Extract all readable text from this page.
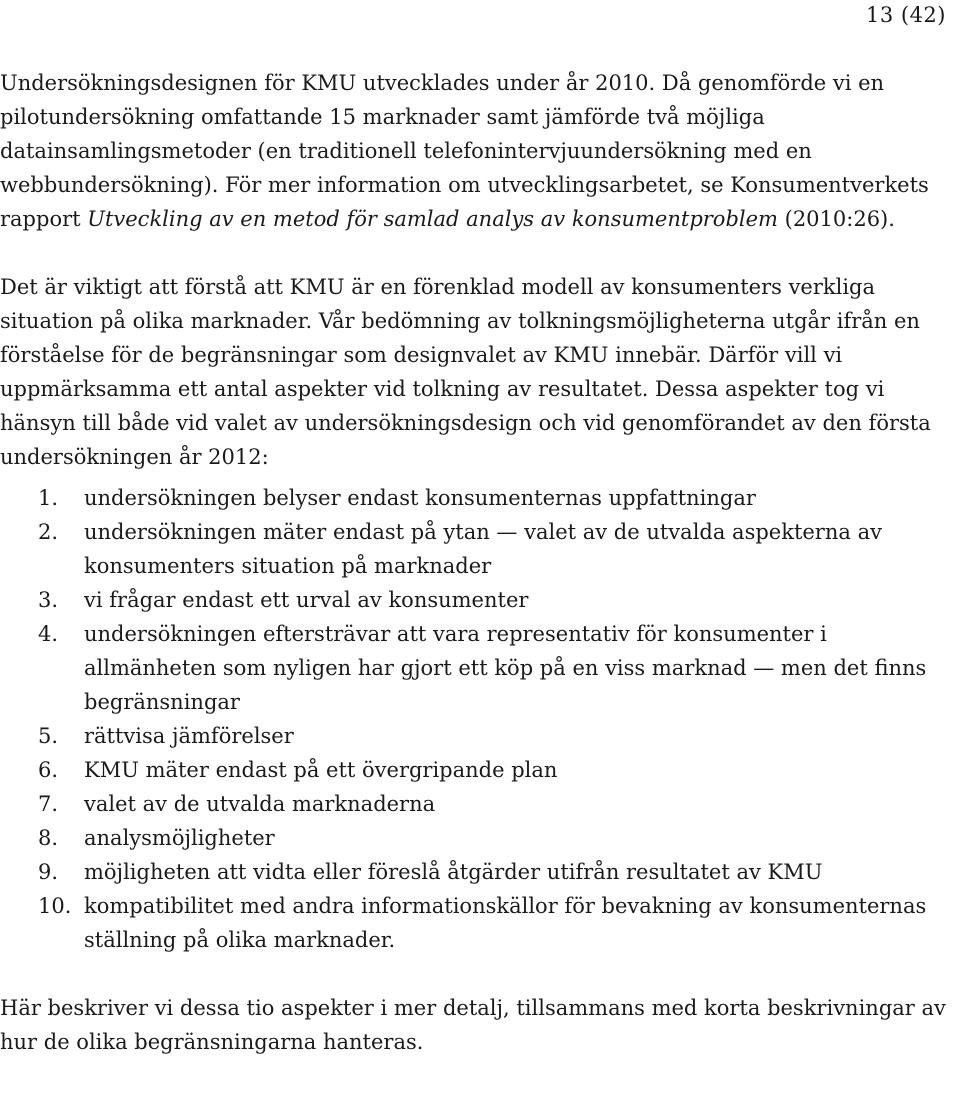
13 (42)

Undersökningsdesignen för KMU utvecklades under år 2010. Då genomförde vi en pilotundersökning omfattande 15 marknader samt jämförde två möjliga datainsamlingsmetoder (en traditionell telefonintervjuundersökning med en webbundersökning). För mer information om utvecklingsarbetet, se Konsumentverkets rapport Utveckling av en metod för samlad analys av konsumentproblem (2010:26).

Det är viktigt att förstå att KMU är en förenklad modell av konsumenters verkliga situation på olika marknader. Vår bedömning av tolkningsmöjligheterna utgår ifrån en förståelse för de begränsningar som designvalet av KMU innebär. Därför vill vi uppmärksamma ett antal aspekter vid tolkning av resultatet. Dessa aspekter tog vi hänsyn till både vid valet av undersökningsdesign och vid genomförandet av den första undersökningen år 2012:

1.	undersökningen belyser endast konsumenternas uppfattningar
2.	undersökningen mäter endast på ytan — valet av de utvalda aspekterna av konsumenters situation på marknader
3.	vi frågar endast ett urval av konsumenter
4.	undersökningen eftersträvar att vara representativ för konsumenter i allmänheten som nyligen har gjort ett köp på en viss marknad — men det finns begränsningar
5.	rättvisa jämförelser
6.	KMU mäter endast på ett övergripande plan
7.	valet av de utvalda marknaderna
8.	analysmöjligheter
9.	möjligheten att vidta eller föreslå åtgärder utifrån resultatet av KMU
10. kompatibilitet med andra informationskällor för bevakning av konsumenternas ställning på olika marknader.

Här beskriver vi dessa tio aspekter i mer detalj, tillsammans med korta beskrivningar av hur de olika begränsningarna hanteras.
